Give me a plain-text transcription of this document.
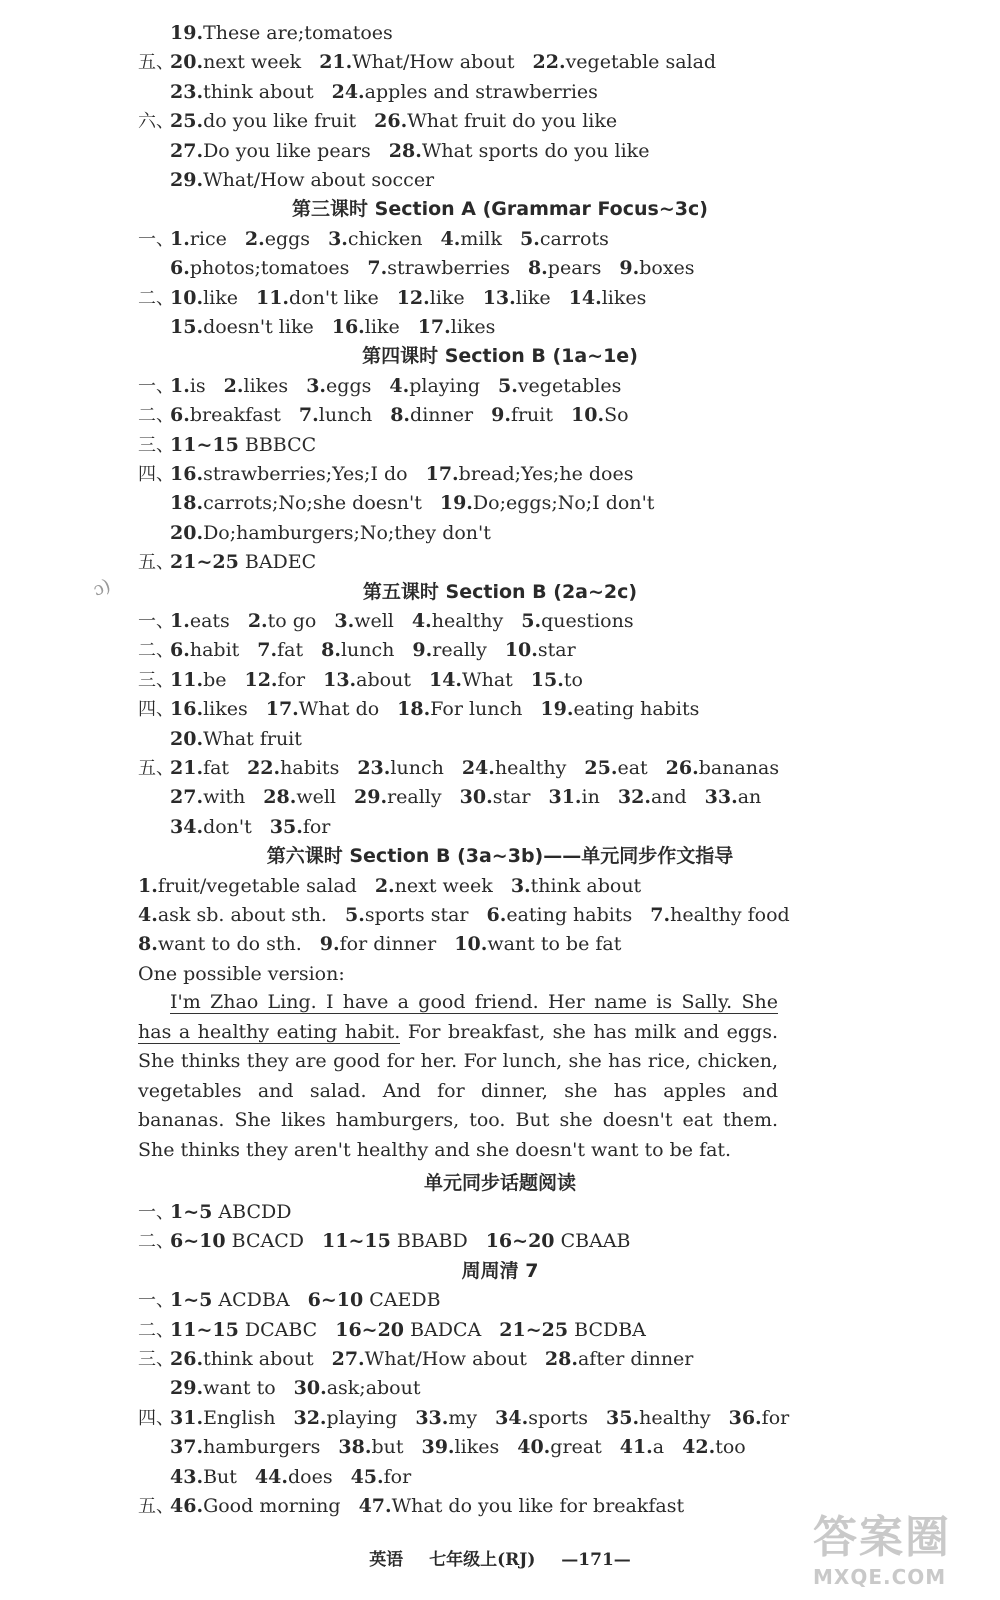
19.These are;tomatoes
五、20.next week 21.What/How about 22.vegetable salad
23.think about 24.apples and strawberries
六、25.do you like fruit 26.What fruit do you like
27.Do you like pears 28.What sports do you like
29.What/How about soccer
第三课时 Section A (Grammar Focus~3c)
一、1.rice 2.eggs 3.chicken 4.milk 5.carrots
6.photos;tomatoes 7.strawberries 8.pears 9.boxes
二、10.like 11.don't like 12.like 13.like 14.likes
15.doesn't like 16.like 17.likes
第四课时 Section B (1a~1e)
一、1.is 2.likes 3.eggs 4.playing 5.vegetables
二、6.breakfast 7.lunch 8.dinner 9.fruit 10.So
三、11~15 BBBCC
四、16.strawberries;Yes;I do 17.bread;Yes;he does
18.carrots;No;she doesn't 19.Do;eggs;No;I don't
20.Do;hamburgers;No;they don't
五、21~25 BADEC
第五课时 Section B (2a~2c)
一、1.eats 2.to go 3.well 4.healthy 5.questions
二、6.habit 7.fat 8.lunch 9.really 10.star
三、11.be 12.for 13.about 14.What 15.to
四、16.likes 17.What do 18.For lunch 19.eating habits
20.What fruit
五、21.fat 22.habits 23.lunch 24.healthy 25.eat 26.bananas
27.with 28.well 29.really 30.star 31.in 32.and 33.an
34.don't 35.for
第六课时 Section B (3a~3b)——单元同步作文指导
1.fruit/vegetable salad 2.next week 3.think about
4.ask sb. about sth. 5.sports star 6.eating habits 7.healthy food
8.want to do sth. 9.for dinner 10.want to be fat
One possible version:
I'm Zhao Ling. I have a good friend. Her name is Sally. She has a healthy eating habit. For breakfast, she has milk and eggs. She thinks they are good for her. For lunch, she has rice, chicken, vegetables and salad. And for dinner, she has apples and bananas. She likes hamburgers, too. But she doesn't eat them. She thinks they aren't healthy and she doesn't want to be fat.
单元同步话题阅读
一、1~5 ABCDD
二、6~10 BCACD 11~15 BBABD 16~20 CBAAB
周周清 7
一、1~5 ACDBA 6~10 CAEDB
二、11~15 DCABC 16~20 BADCA 21~25 BCDBA
三、26.think about 27.What/How about 28.after dinner
29.want to 30.ask;about
四、31.English 32.playing 33.my 34.sports 35.healthy 36.for
37.hamburgers 38.but 39.likes 40.great 41.a 42.too
43.But 44.does 45.for
五、46.Good morning 47.What do you like for breakfast
英语 七年级上(RJ) —171—
ɔ)
答案圈
MXQE.COM
